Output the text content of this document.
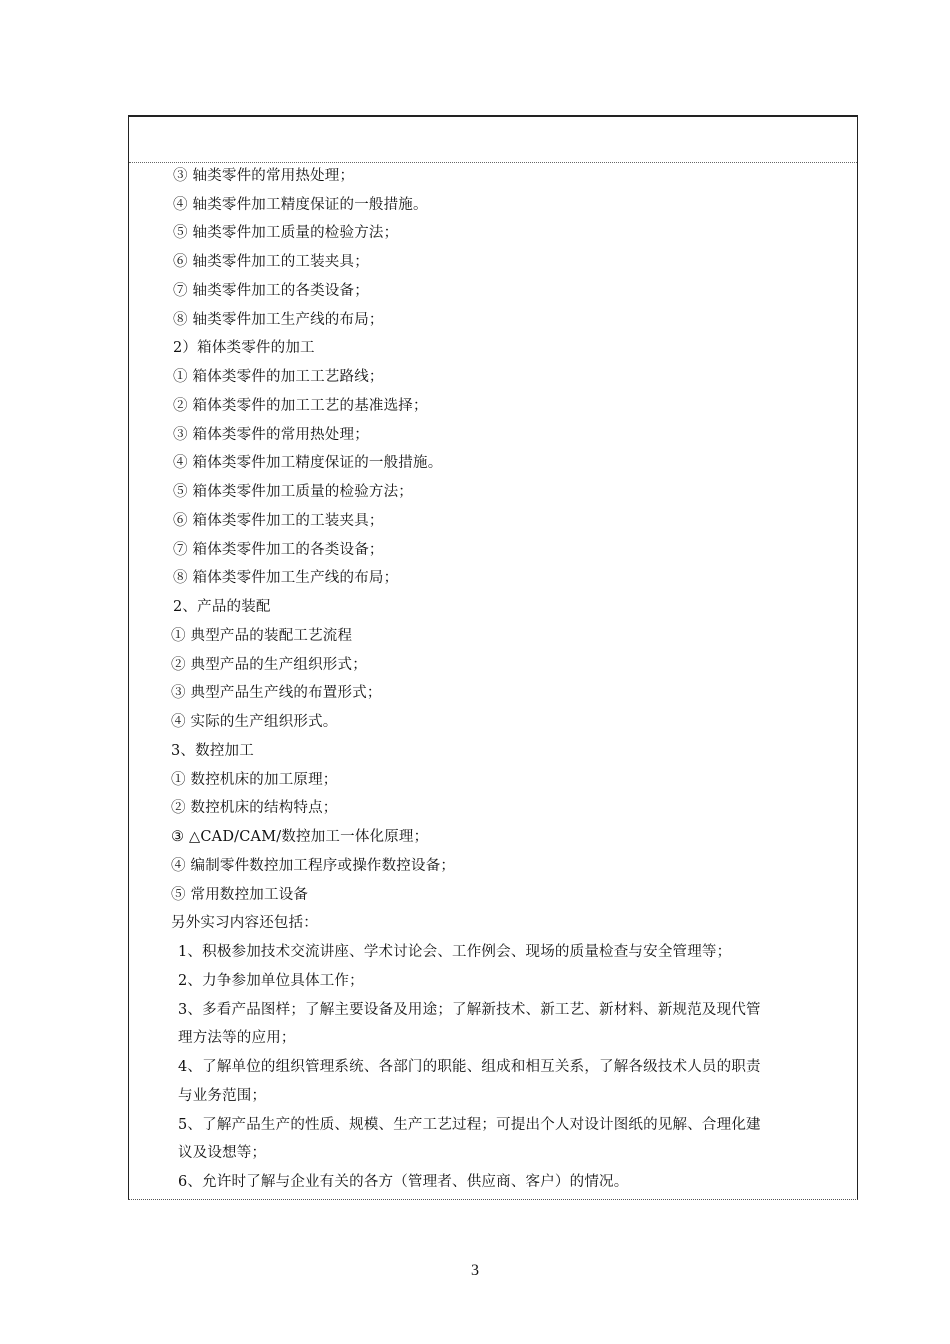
③ 轴类零件的常用热处理；
④ 轴类零件加工精度保证的一般措施。
⑤ 轴类零件加工质量的检验方法；
⑥ 轴类零件加工的工装夹具；
⑦ 轴类零件加工的各类设备；
⑧ 轴类零件加工生产线的布局；
2）箱体类零件的加工
① 箱体类零件的加工工艺路线；
② 箱体类零件的加工工艺的基准选择；
③ 箱体类零件的常用热处理；
④ 箱体类零件加工精度保证的一般措施。
⑤ 箱体类零件加工质量的检验方法；
⑥ 箱体类零件加工的工装夹具；
⑦ 箱体类零件加工的各类设备；
⑧ 箱体类零件加工生产线的布局；
2、产品的装配
① 典型产品的装配工艺流程
② 典型产品的生产组织形式；
③ 典型产品生产线的布置形式；
④ 实际的生产组织形式。
3、数控加工
① 数控机床的加工原理；
② 数控机床的结构特点；
③ △CAD/CAM/数控加工一体化原理；
④ 编制零件数控加工程序或操作数控设备；
⑤ 常用数控加工设备
另外实习内容还包括：
1、积极参加技术交流讲座、学术讨论会、工作例会、现场的质量检查与安全管理等；
2、力争参加单位具体工作；
3、多看产品图样；了解主要设备及用途；了解新技术、新工艺、新材料、新规范及现代管
理方法等的应用；
4、了解单位的组织管理系统、各部门的职能、组成和相互关系，了解各级技术人员的职责
与业务范围；
5、了解产品生产的性质、规模、生产工艺过程；可提出个人对设计图纸的见解、合理化建
议及设想等；
6、允许时了解与企业有关的各方（管理者、供应商、客户）的情况。
3
